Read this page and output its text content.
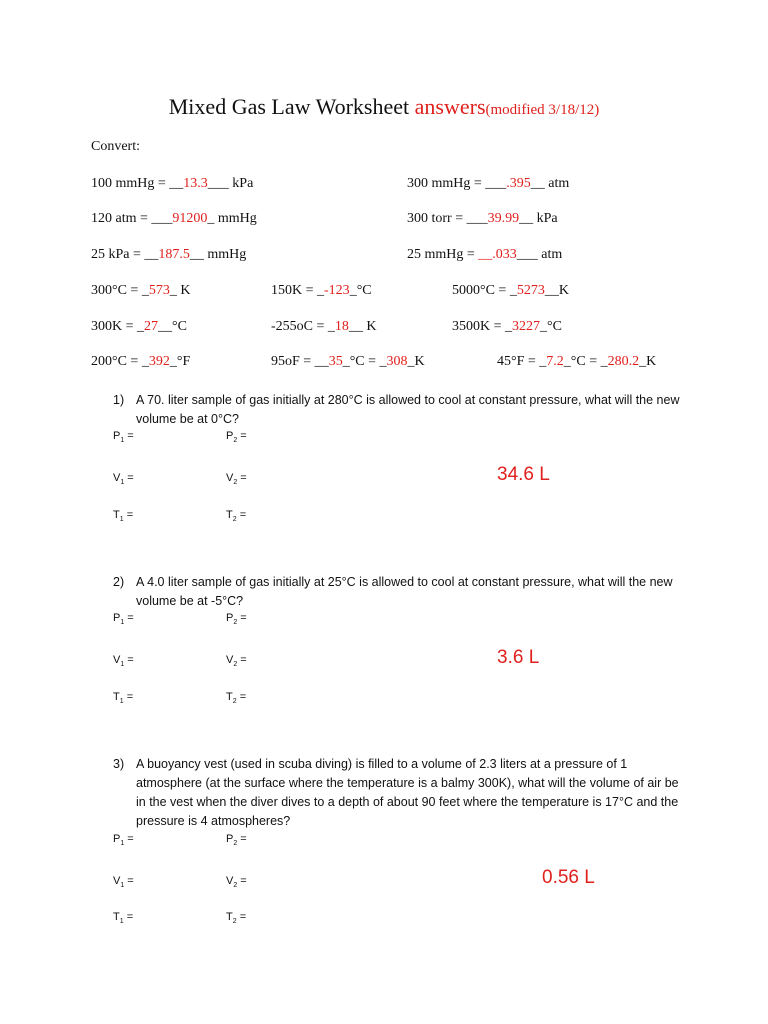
Mixed Gas Law Worksheet answers(modified 3/18/12)
Convert:
100 mmHg = __13.3___ kPa	300 mmHg = ___.395__ atm
120 atm = ___91200_ mmHg	300 torr = ___39.99__ kPa
25 kPa = __187.5__ mmHg	25 mmHg = __.033___ atm
300°C = _573_ K	150K = _-123_°C	5000°C = _5273__K
300K = _27__°C	-255oC = _18__ K	3500K = _3227_°C
200°C = _392_°F	95oF = __35_°C = _308_K	45°F = _7.2_°C = _280.2_K
1) A 70. liter sample of gas initially at 280°C is allowed to cool at constant pressure, what will the new volume be at 0°C?
$P_1$ =	$P_2$ =
$V_1$ =	$V_2$ =
$T_1$ =	$T_2$ =
34.6 L
2) A 4.0 liter sample of gas initially at 25°C is allowed to cool at constant pressure, what will the new volume be at -5°C?
$P_1$ =	$P_2$ =
$V_1$ =	$V_2$ =
$T_1$ =	$T_2$ =
3.6 L
3) A buoyancy vest (used in scuba diving) is filled to a volume of 2.3 liters at a pressure of 1 atmosphere (at the surface where the temperature is a balmy 300K), what will the volume of air be in the vest when the diver dives to a depth of about 90 feet where the temperature is 17°C and the pressure is 4 atmospheres?
$P_1$ =	$P_2$ =
$V_1$ =	$V_2$ =
$T_1$ =	$T_2$ =
0.56 L
